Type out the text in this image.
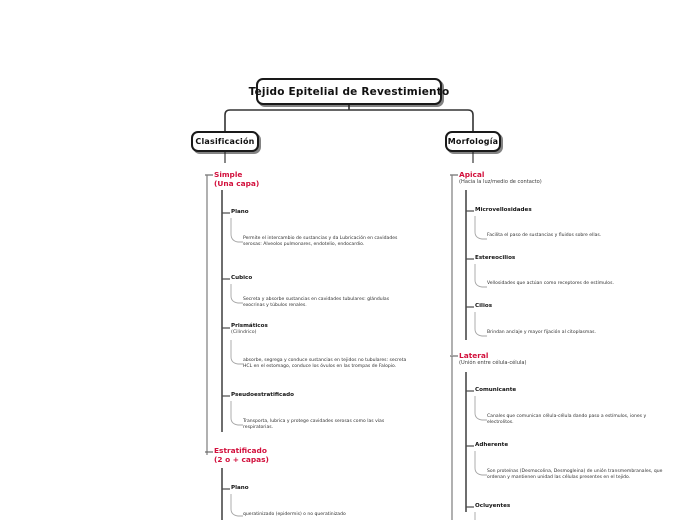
Tejido Epitelial de Revestimiento
Clasificación	Morfología
Simple
(Una capa)
Plano
Permite el intercambio de sustancias y da Lubricación en cavidades serosas: Alveolos pulmonares, endotelio, endocardio.
Cubico
Secreta y absorbe sustancias en cavidades tubulares: glándulas exocrinas y túbulos renales.
Prismáticos
(Cilíndrico)
absorbe, segrega y conduce sustancias en tejidos no tubulares: secreta HCL en el estomago, conduce los óvulos en las trompas de Falopio.
Pseudoestratificado
Transporta, lubrica y protege cavidades serosas como las vías respiratorias.
Estratificado
(2 o + capas)
Plano
queratinizado (epidermis) o no queratinizado
Apical
(Hacia la luz/medio de contacto)
Microvellosidades
Facilita el paso de sustancias y fluidos sobre ellas.
Estereocilios
Vellosidades que actúan como receptores de estímulos.
Cilios
Brindan anclaje y mayor fijación al citoplasmas.
Lateral
(Unión entre célula-célula)
Comunicante
Canales que comunican célula-célula dando paso a estímulos, iones y electrolitos.
Adherente
Son proteínas (Desmocolina, Desmogleina) de unión transmembranales, que ordenan y mantienen unidad las células presentes en el tejido.
Ocluyentes
